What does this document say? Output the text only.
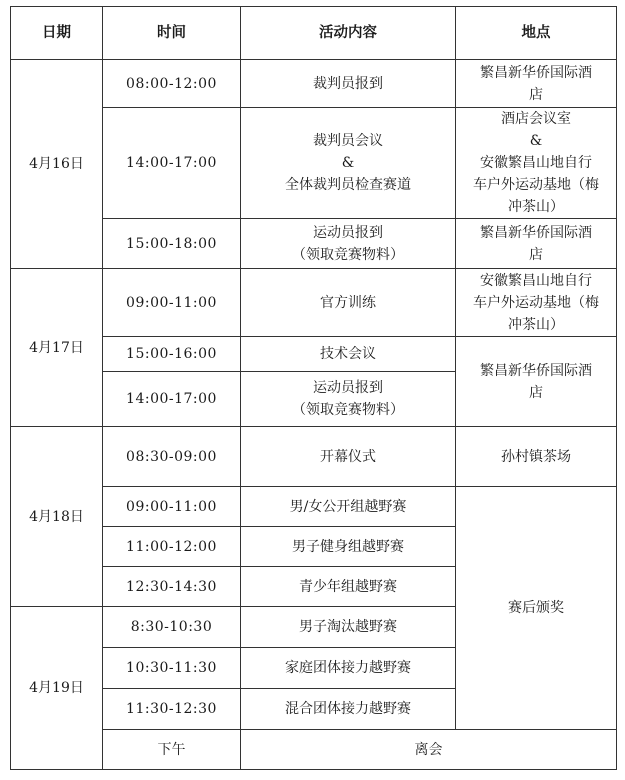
日期	时间	活动内容	地点
4月16日	08:00-12:00	裁判员报到	繁昌新华侨国际酒
店
	14:00-17:00	裁判员会议
&
全体裁判员检查赛道	酒店会议室
&
安徽繁昌山地自行
车户外运动基地（梅
冲茶山）
	15:00-18:00	运动员报到
（领取竞赛物料）	繁昌新华侨国际酒
店
4月17日	09:00-11:00	官方训练	安徽繁昌山地自行
车户外运动基地（梅
冲茶山）
	15:00-16:00	技术会议	繁昌新华侨国际酒
店
	14:00-17:00	运动员报到
（领取竞赛物料）	
4月18日	08:30-09:00	开幕仪式	孙村镇茶场
	09:00-11:00	男/女公开组越野赛	赛后颁奖
	11:00-12:00	男子健身组越野赛	
	12:30-14:30	青少年组越野赛	
4月19日	8:30-10:30	男子淘汰越野赛	
	10:30-11:30	家庭团体接力越野赛	
	11:30-12:30	混合团体接力越野赛	
	下午	离会	
